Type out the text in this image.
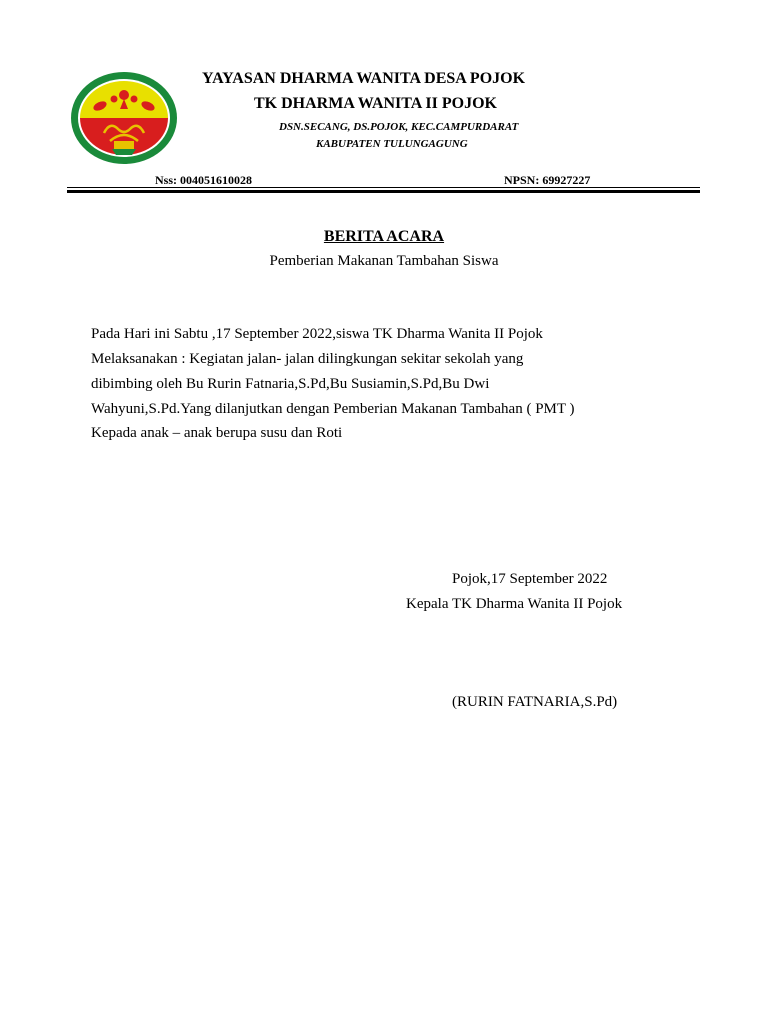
YAYASAN DHARMA WANITA DESA POJOK
TK DHARMA WANITA II POJOK
DSN.SECANG, DS.POJOK, KEC.CAMPURDARAT
KABUPATEN TULUNGAGUNG
Nss: 004051610028	NPSN: 69927227
BERITA ACARA
Pemberian Makanan Tambahan Siswa
Pada Hari ini Sabtu ,17 September 2022,siswa TK Dharma Wanita II Pojok
Melaksanakan : Kegiatan jalan- jalan dilingkungan sekitar sekolah yang
dibimbing oleh Bu Rurin Fatnaria,S.Pd,Bu Susiamin,S.Pd,Bu Dwi
Wahyuni,S.Pd.Yang dilanjutkan dengan Pemberian Makanan Tambahan ( PMT )
Kepada anak – anak berupa susu dan Roti
Pojok,17 September 2022
Kepala TK Dharma Wanita II Pojok
(RURIN FATNARIA,S.Pd)
